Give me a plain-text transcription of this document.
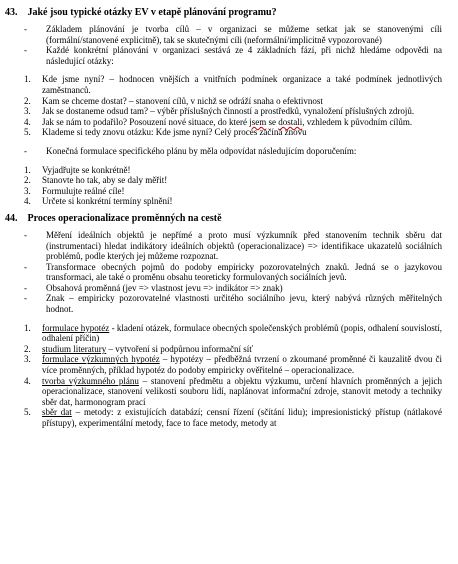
43. Jaké jsou typické otázky EV v etapě plánování programu?
- Základem plánování je tvorba cílů – v organizaci se můžeme setkat jak se stanovenými cíli (formální/stanovené explicitně), tak se skutečnými cíli (neformální/implicitně vypozorované)
- Každé konkrétní plánování v organizaci sestává ze 4 základních fází, při nichž hledáme odpovědi na následující otázky:
1. Kde jsme nyní? – hodnocen vnějších a vnitřních podmínek organizace a také podmínek jednotlivých zaměstnanců.
2. Kam se chceme dostat? – stanovení cílů, v nichž se odráží snaha o efektivnost
3. Jak se dostaneme odsud tam? – výběr příslušných činností a prostředků, vynaložení příslušných zdrojů.
4. Jak se nám to podařilo? Posouzení nové situace, do které jsem se dostali, vzhledem k původním cílům.
5. Klademe si tedy znovu otázku: Kde jsme nyní? Celý proces začíná znovu
- Konečná formulace specifického plánu by měla odpovídat následujícím doporučením:
1. Vyjadřujte se konkrétně!
2. Stanovte ho tak, aby se daly měřit!
3. Formulujte reálné cíle!
4. Určete si konkrétní termíny splnění!
44. Proces operacionalizace proměnných na cestě
- Měření ideálních objektů je nepřímé a proto musí výzkumník před stanovením technik sběru dat (instrumentaci) hledat indikátory ideálních objektů (operacionalizace) => identifikace ukazatelů sociálních problémů, podle kterých jej můžeme rozpoznat.
- Transformace obecných pojmů do podoby empiricky pozorovatelných znaků. Jedná se o jazykovou transformaci, ale také o proměnu obsahu teoreticky formulovaných sociálních jevů.
- Obsahová proměnná (jev => vlastnost jevu => indikátor => znak)
- Znak – empiricky pozorovatelné vlastnosti určitého sociálního jevu, který nabývá různých měřitelných hodnot.
1. formulace hypotéz - kladení otázek, formulace obecných společenských problémů (popis, odhalení souvislostí, odhalení příčin)
2. studium literatury – vytvoření si podpůrnou informační síť
3. formulace výzkumných hypotéz – hypotézy – předběžná tvrzení o zkoumané proměnné či kauzalitě dvou či více proměnných, příklad hypotéz do podoby empiricky ověřitelné – operacionalizace.
4. tvorba výzkumného plánu – stanovení předmětu a objektu výzkumu, určení hlavních proměnných a jejich operacionalizace, stanovení velikosti souboru lidí, naplánovat informační zdroje, stanovit metody a techniky sběr dat, harmonogram prací
5. sběr dat – metody: z existujících databází; censní řízení (sčítání lidu); impresionistický přístup (nátlakové přístupy), experimentální metody, face to face metody, metody at
